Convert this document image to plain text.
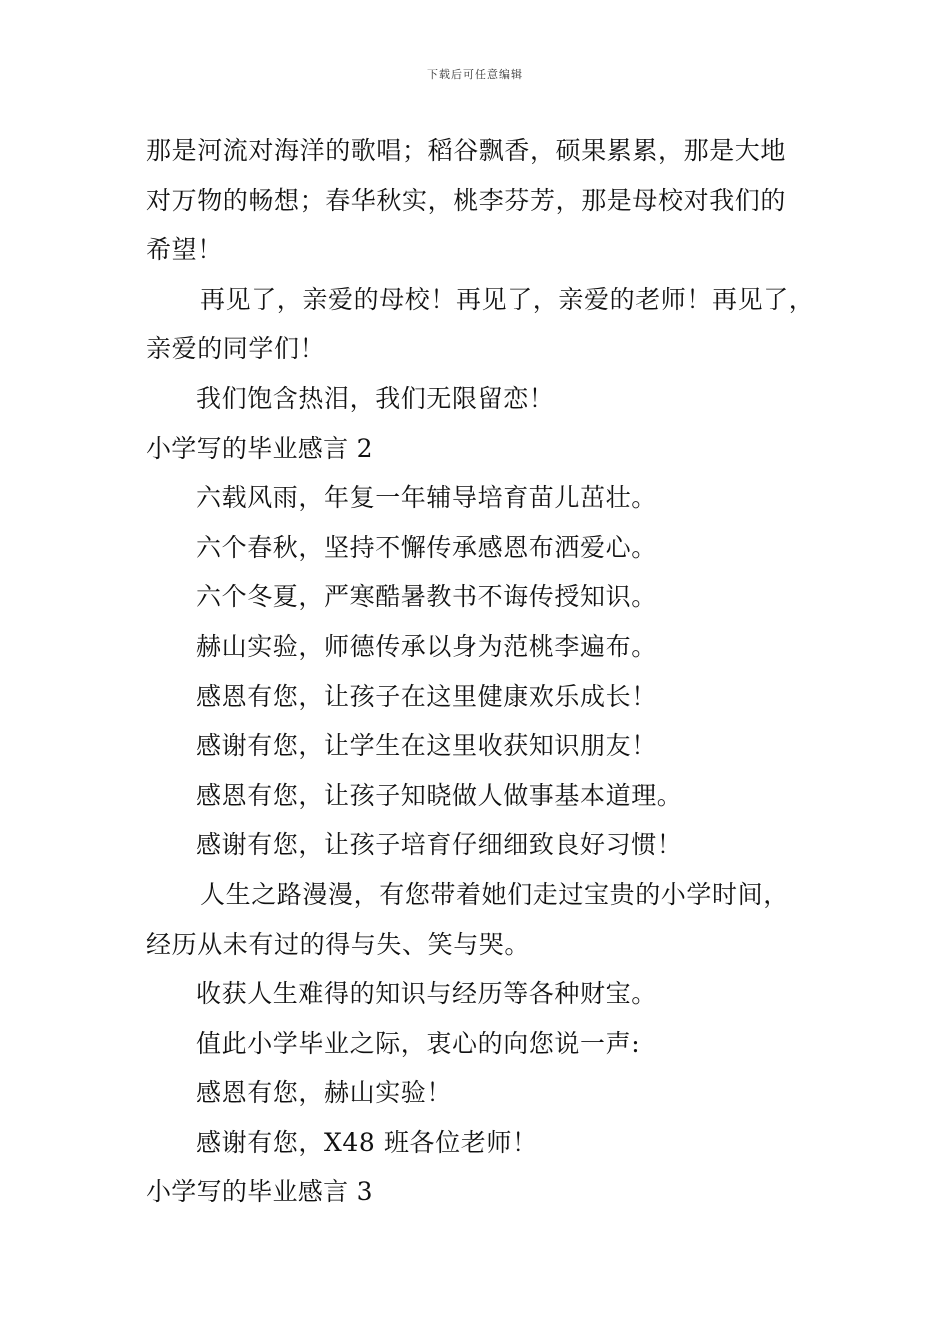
下载后可任意编辑
那是河流对海洋的歌唱；稻谷飘香，硕果累累，那是大地
对万物的畅想；春华秋实，桃李芬芳，那是母校对我们的
希望！
再见了，亲爱的母校！再见了，亲爱的老师！再见了，
亲爱的同学们！
我们饱含热泪，我们无限留恋！
小学写的毕业感言 2
六载风雨，年复一年辅导培育苗儿茁壮。
六个春秋，坚持不懈传承感恩布洒爱心。
六个冬夏，严寒酷暑教书不诲传授知识。
赫山实验，师德传承以身为范桃李遍布。
感恩有您，让孩子在这里健康欢乐成长！
感谢有您，让学生在这里收获知识朋友！
感恩有您，让孩子知晓做人做事基本道理。
感谢有您，让孩子培育仔细细致良好习惯！
人生之路漫漫，有您带着她们走过宝贵的小学时间，
经历从未有过的得与失、笑与哭。
收获人生难得的知识与经历等各种财宝。
值此小学毕业之际，衷心的向您说一声:
感恩有您，赫山实验！
感谢有您，X48 班各位老师！
小学写的毕业感言 3
